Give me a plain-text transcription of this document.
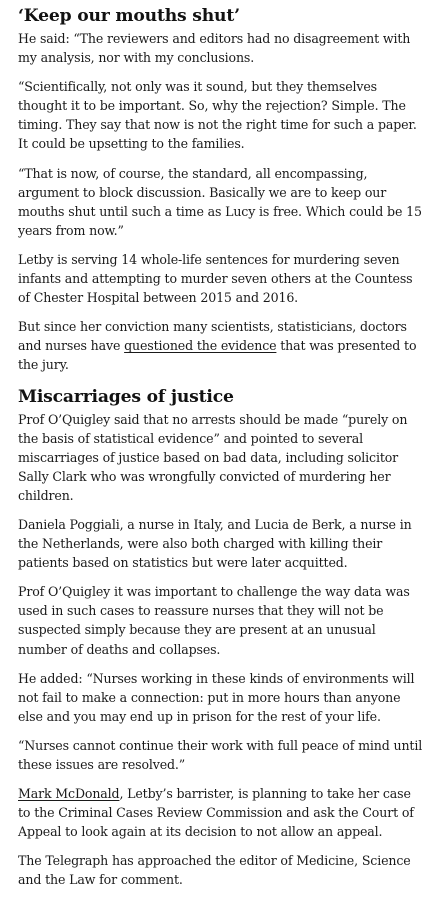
‘Keep our mouths shut’

He said: “The reviewers and editors had no disagreement with my analysis, nor with my conclusions.

“Scientifically, not only was it sound, but they themselves thought it to be important. So, why the rejection? Simple. The timing. They say that now is not the right time for such a paper. It could be upsetting to the families.

“That is now, of course, the standard, all encompassing, argument to block discussion. Basically we are to keep our mouths shut until such a time as Lucy is free. Which could be 15 years from now.”

Letby is serving 14 whole-life sentences for murdering seven infants and attempting to murder seven others at the Countess of Chester Hospital between 2015 and 2016.

But since her conviction many scientists, statisticians, doctors and nurses have questioned the evidence that was presented to the jury.

Miscarriages of justice

Prof O’Quigley said that no arrests should be made “purely on the basis of statistical evidence” and pointed to several miscarriages of justice based on bad data, including solicitor Sally Clark who was wrongfully convicted of murdering her children.

Daniela Poggiali, a nurse in Italy, and Lucia de Berk, a nurse in the Netherlands, were also both charged with killing their patients based on statistics but were later acquitted.

Prof O’Quigley it was important to challenge the way data was used in such cases to reassure nurses that they will not be suspected simply because they are present at an unusual number of deaths and collapses.

He added: “Nurses working in these kinds of environments will not fail to make a connection: put in more hours than anyone else and you may end up in prison for the rest of your life.

“Nurses cannot continue their work with full peace of mind until these issues are resolved.”

Mark McDonald, Letby’s barrister, is planning to take her case to the Criminal Cases Review Commission and ask the Court of Appeal to look again at its decision to not allow an appeal.

The Telegraph has approached the editor of Medicine, Science and the Law for comment.
